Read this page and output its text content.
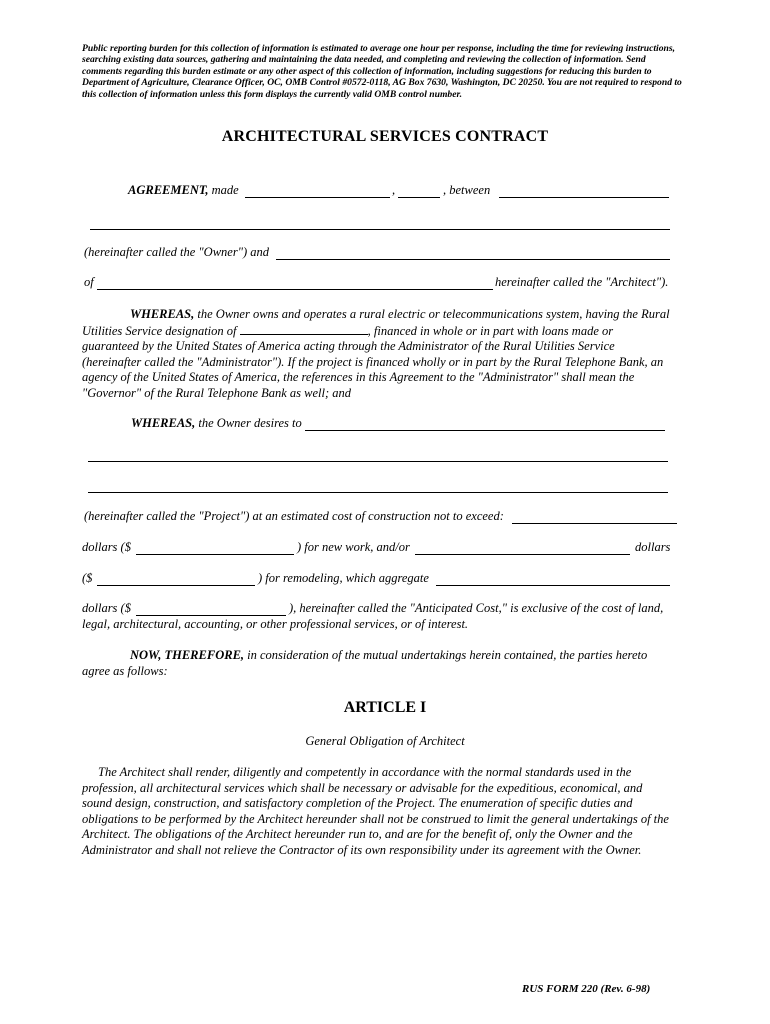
Public reporting burden for this collection of information is estimated to average one hour per response, including the time for reviewing instructions, searching existing data sources, gathering and maintaining the data needed, and completing and reviewing the collection of information. Send comments regarding this burden estimate or any other aspect of this collection of information, including suggestions for reducing this burden to Department of Agriculture, Clearance Officer, OC, OMB Control #0572-0118, AG Box 7630, Washington, DC 20250. You are not required to respond to this collection of information unless this form displays the currently valid OMB control number.
ARCHITECTURAL SERVICES CONTRACT
AGREEMENT, made	,	, between
(hereinafter called the "Owner") and
of	hereinafter called the "Architect").
WHEREAS, the Owner owns and operates a rural electric or telecommunications system, having the Rural Utilities Service designation of	, financed in whole or in part with loans made or guaranteed by the United States of America acting through the Administrator of the Rural Utilities Service (hereinafter called the "Administrator"). If the project is financed wholly or in part by the Rural Telephone Bank, an agency of the United States of America, the references in this Agreement to the "Administrator" shall mean the "Governor" of the Rural Telephone Bank as well; and
WHEREAS, the Owner desires to
(hereinafter called the "Project") at an estimated cost of construction not to exceed:
dollars ($	) for new work, and/or	dollars
($	) for remodeling, which aggregate
dollars ($	), hereinafter called the "Anticipated Cost," is exclusive of the cost of land,
legal, architectural, accounting, or other professional services, or of interest.
NOW, THEREFORE, in consideration of the mutual undertakings herein contained, the parties hereto agree as follows:
ARTICLE I
General Obligation of Architect
The Architect shall render, diligently and competently in accordance with the normal standards used in the profession, all architectural services which shall be necessary or advisable for the expeditious, economical, and sound design, construction, and satisfactory completion of the Project. The enumeration of specific duties and obligations to be performed by the Architect hereunder shall not be construed to limit the general undertakings of the Architect. The obligations of the Architect hereunder run to, and are for the benefit of, only the Owner and the Administrator and shall not relieve the Contractor of its own responsibility under its agreement with the Owner.
RUS FORM 220 (Rev. 6-98)
